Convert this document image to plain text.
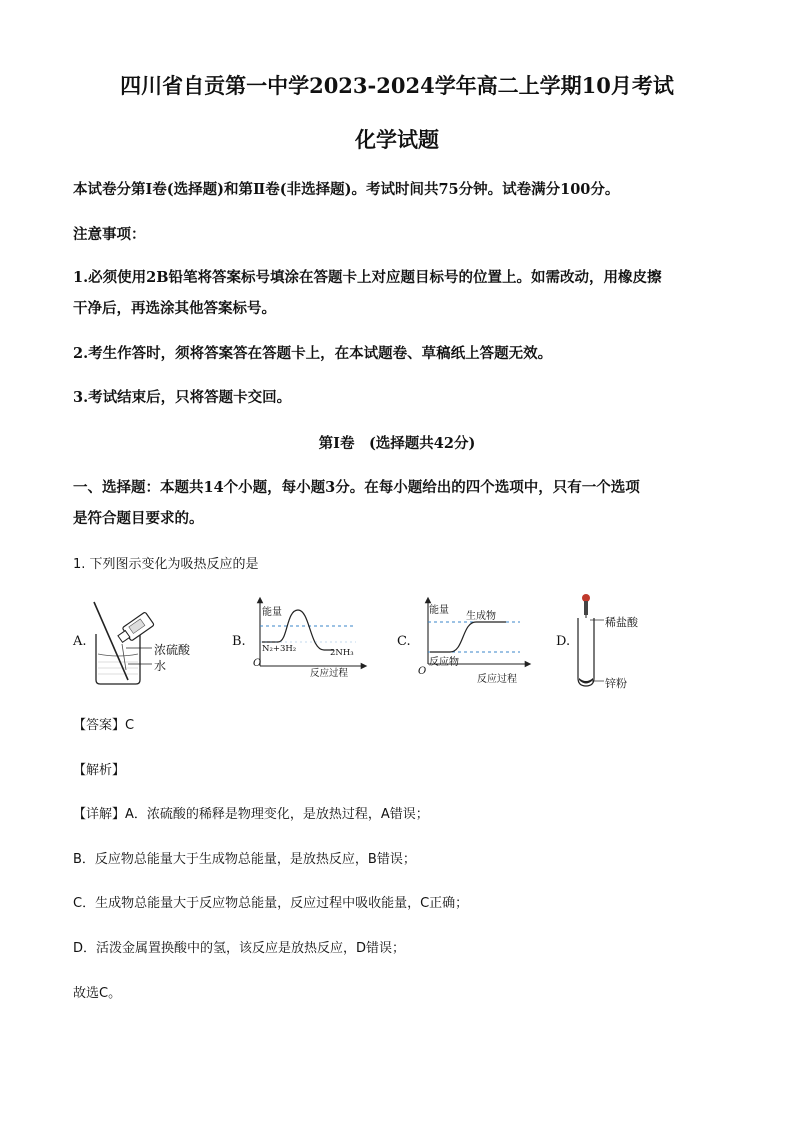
四川省自贡第一中学2023-2024学年高二上学期10月考试
化学试题
本试卷分第Ⅰ卷(选择题)和第Ⅱ卷(非选择题)。考试时间共75分钟。试卷满分100分。
注意事项：
1.必须使用2B铅笔将答案标号填涂在答题卡上对应题目标号的位置上。如需改动，用橡皮擦
干净后，再选涂其他答案标号。
2.考生作答时，须将答案答在答题卡上，在本试题卷、草稿纸上答题无效。
3.考试结束后，只将答题卡交回。
第Ⅰ卷　(选择题共42分)
一、选择题：本题共14个小题，每小题3分。在每小题给出的四个选项中，只有一个选项
是符合题目要求的。
1. 下列图示变化为吸热反应的是
A.
浓硫酸
水
B.
能量
N₂+3H₂	2NH₃
O
反应过程
C.
能量
生成物
反应物
O
反应过程
D.
稀盐酸
锌粉
【答案】C
【解析】
【详解】A．浓硫酸的稀释是物理变化，是放热过程，A错误；
B．反应物总能量大于生成物总能量，是放热反应，B错误；
C．生成物总能量大于反应物总能量，反应过程中吸收能量，C正确；
D．活泼金属置换酸中的氢，该反应是放热反应，D错误；
故选C。
